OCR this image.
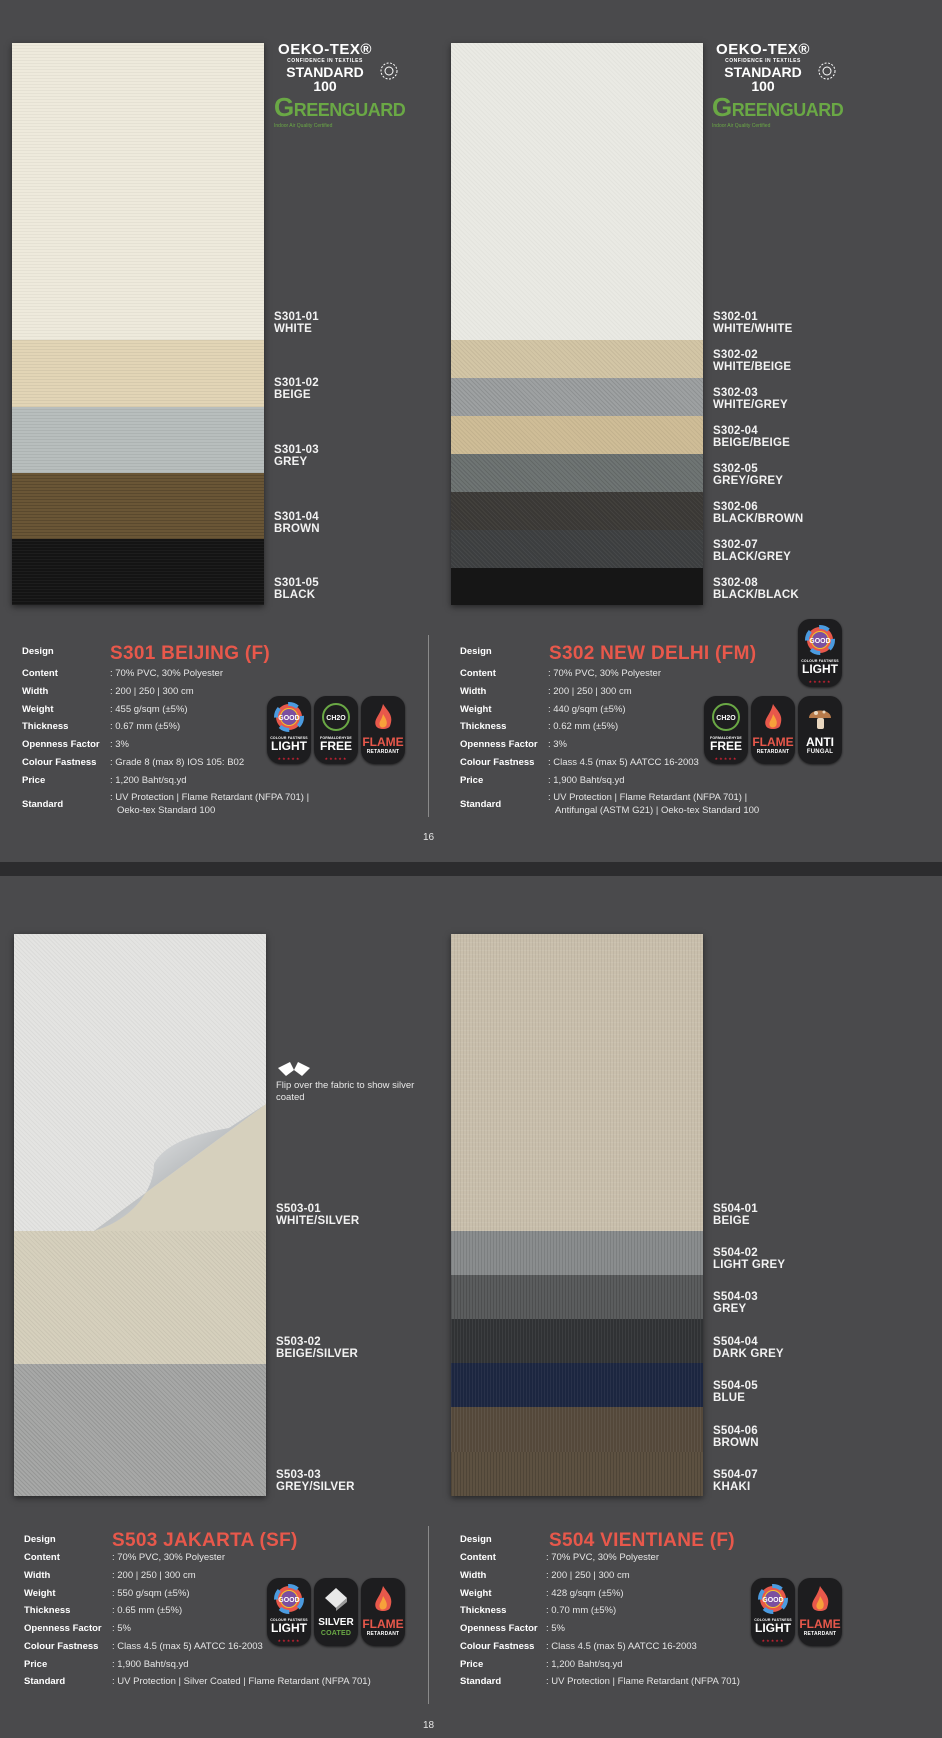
OEKO-TEX®
CONFIDENCE IN TEXTILES
STANDARD 100
GREENGUARD
Indoor Air Quality Certified
S301-01
WHITE
S301-02
BEIGE
S301-03
GREY
S301-04
BROWN
S301-05
BLACK
OEKO-TEX®
CONFIDENCE IN TEXTILES
STANDARD 100
GREENGUARD
Indoor Air Quality Certified
S302-01
WHITE/WHITE
S302-02
WHITE/BEIGE
S302-03
WHITE/GREY
S302-04
BEIGE/BEIGE
S302-05
GREY/GREY
S302-06
BLACK/BROWN
S302-07
BLACK/GREY
S302-08
BLACK/BLACK
S301 BEIJING (F)
Design
Content	: 70% PVC, 30% Polyester
Width	: 200 | 250 | 300 cm
Weight	: 455 g/sqm (±5%)
Thickness	: 0.67 mm (±5%)
Openness Factor : 3%
Colour Fastness : Grade 8 (max 8) IOS 105: B02
Price	: 1,200 Baht/sq.yd
Standard
: UV Protection | Flame Retardant (NFPA 701) |
Oeko-tex Standard 100
GOOD
COLOUR FASTNESS
LIGHT
★★★★★
CH2O
FORMALDEHYDE
FREE
★★★★★
FLAME
RETARDANT
S302 NEW DELHI (FM)
Design
Content	: 70% PVC, 30% Polyester
Width	: 200 | 250 | 300 cm
Weight	: 440 g/sqm (±5%)
Thickness	: 0.62 mm (±5%)
Openness Factor : 3%
Colour Fastness : Class 4.5 (max 5) AATCC 16-2003
Price	: 1,900 Baht/sq.yd
Standard
: UV Protection | Flame Retardant (NFPA 701) |
Antifungal (ASTM G21) | Oeko-tex Standard 100
GOOD
COLOUR FASTNESS
LIGHT
★★★★★
CH2O
FORMALDEHYDE
FREE
★★★★★
FLAME
RETARDANT
ANTI
FUNGAL
16
Flip over the fabric to show silver coated
S503-01
WHITE/SILVER
S503-02
BEIGE/SILVER
S503-03
GREY/SILVER
S504-01
BEIGE
S504-02
LIGHT GREY
S504-03
GREY
S504-04
DARK GREY
S504-05
BLUE
S504-06
BROWN
S504-07
KHAKI
S503 JAKARTA (SF)
Design
Content	: 70% PVC, 30% Polyester
Width	: 200 | 250 | 300 cm
Weight	: 550 g/sqm (±5%)
Thickness	: 0.65 mm (±5%)
Openness Factor : 5%
Colour Fastness : Class 4.5 (max 5) AATCC 16-2003
Price	: 1,900 Baht/sq.yd
Standard	: UV Protection | Silver Coated | Flame Retardant (NFPA 701)
GOOD
COLOUR FASTNESS
LIGHT
★★★★★
SILVER
COATED
FLAME
RETARDANT
S504 VIENTIANE (F)
Design
Content	: 70% PVC, 30% Polyester
Width	: 200 | 250 | 300 cm
Weight	: 428 g/sqm (±5%)
Thickness	: 0.70 mm (±5%)
Openness Factor : 5%
Colour Fastness : Class 4.5 (max 5) AATCC 16-2003
Price	: 1,200 Baht/sq.yd
Standard	: UV Protection | Flame Retardant (NFPA 701)
GOOD
COLOUR FASTNESS
LIGHT
★★★★★
FLAME
RETARDANT
18
